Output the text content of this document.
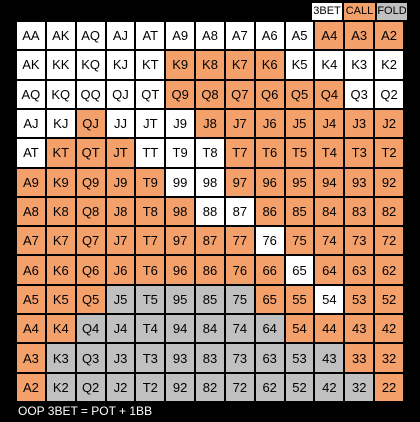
3BET CALL FOLD
AA AK AQ AJ	AT	A9	A8	A7	A6	A5	A4	A3	A2
AK KK KQ KJ	KT	K9	K8	K7	K6	K5	K4	K3	K2
AQ KQ QQ QJ QT Q9 Q8 Q7 Q6 Q5 Q4 Q3 Q2
AJ	KJ	QJ	JJ	JT	J9	J8	J7	J6	J5	J4	J3	J2
AT	KT QT	JT	TT	T9	T8	T7	T6	T5	T4	T3	T2
A9	K9	Q9	J9	T9	99	98	97	96	95	94	93	92
A8	K8	Q8	J8	T8	98	88	87	86	85	84	83	82
A7	K7	Q7	J7	T7	97	87	77	76	75	74	73	72
A6	K6	Q6	J6	T6	96	86	76	66	65	64	63	62
A5	K5	Q5	J5	T5	95	85	75	65	55	54	53	52
A4	K4	Q4	J4	T4	94	84	74	64	54	44	43	42
A3	K3	Q3	J3	T3	93	83	73	63	53	43	33	32
A2	K2	Q2	J2	T2	92	82	72	62	52	42	32	22
OOP 3BET = POT + 1BB
